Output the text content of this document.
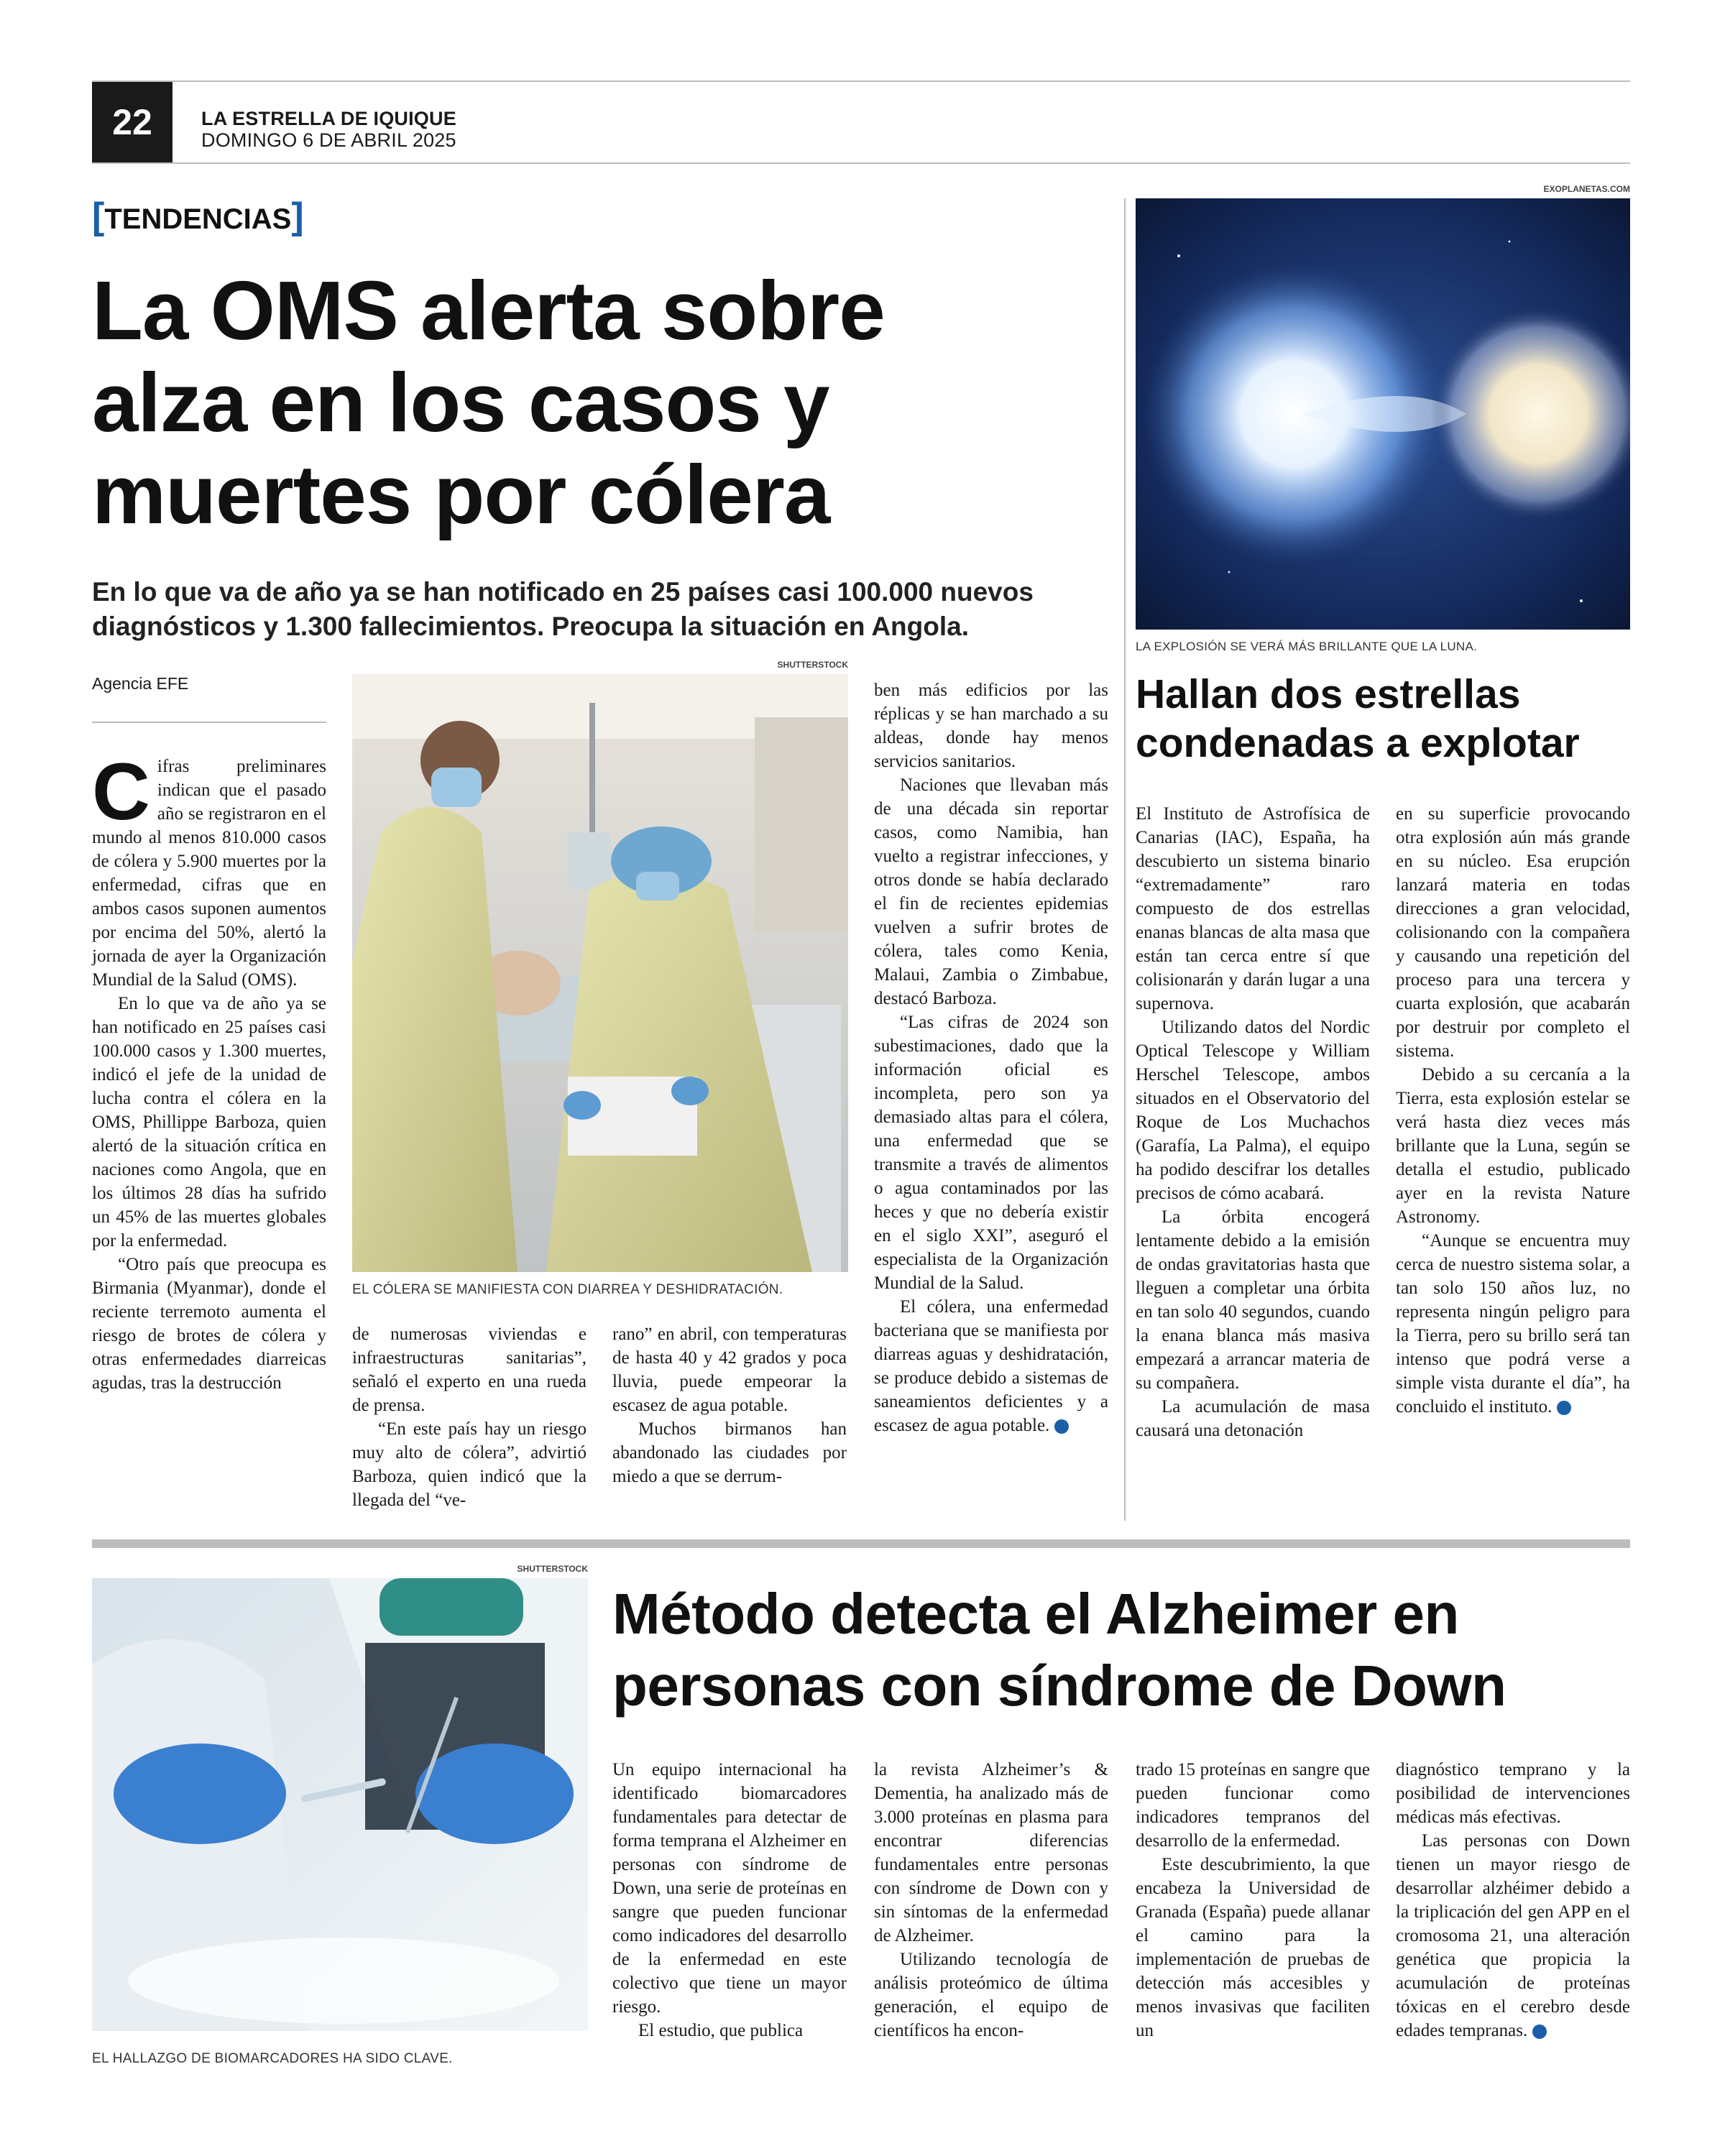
22	LA ESTRELLA DE IQUIQUE
DOMINGO 6 DE ABRIL 2025
[TENDENCIAS]
La OMS alerta sobre
alza en los casos y
muertes por cólera
En lo que va de año ya se han notificado en 25 países casi 100.000 nuevos diagnósticos y 1.300 fallecimientos. Preocupa la situación en Angola.
Agencia EFE
SHUTTERSTOCK
EL CÓLERA SE MANIFIESTA CON DIARREA Y DESHIDRATACIÓN.

Cifras preliminares indican que el pasado año se registraron en el mundo al menos 810.000 casos de cólera y 5.900 muertes por la enfermedad, cifras que en ambos casos suponen aumentos por encima del 50%, alertó la jornada de ayer la Organización Mundial de la Salud (OMS).

En lo que va de año ya se han notificado en 25 países casi 100.000 casos y 1.300 muertes, indicó el jefe de la unidad de lucha contra el cólera en la OMS, Phillippe Barboza, quien alertó de la situación crítica en naciones como Angola, que en los últimos 28 días ha sufrido un 45% de las muertes globales por la enfermedad.

“Otro país que preocupa es Birmania (Myanmar), donde el reciente terremoto aumenta el riesgo de brotes de cólera y otras enfermedades diarreicas agudas, tras la destrucción

de numerosas viviendas e infraestructuras sanitarias”, señaló el experto en una rueda de prensa.

“En este país hay un riesgo muy alto de cólera”, advirtió Barboza, quien indicó que la llegada del “ve-

rano” en abril, con temperaturas de hasta 40 y 42 grados y poca lluvia, puede empeorar la escasez de agua potable.

Muchos birmanos han abandonado las ciudades por miedo a que se derrum-

ben más edificios por las réplicas y se han marchado a su aldeas, donde hay menos servicios sanitarios.

Naciones que llevaban más de una década sin reportar casos, como Namibia, han vuelto a registrar infecciones, y otros donde se había declarado el fin de recientes epidemias vuelven a sufrir brotes de cólera, tales como Kenia, Malaui, Zambia o Zimbabue, destacó Barboza.

“Las cifras de 2024 son subestimaciones, dado que la información oficial es incompleta, pero son ya demasiado altas para el cólera, una enfermedad que se transmite a través de alimentos o agua contaminados por las heces y que no debería existir en el siglo XXI”, aseguró el especialista de la Organización Mundial de la Salud.

El cólera, una enfermedad bacteriana que se manifiesta por diarreas aguas y deshidratación, se produce debido a sistemas de saneamientos deficientes y a escasez de agua potable.	✪

EXOPLANETAS.COM
LA EXPLOSIÓN SE VERÁ MÁS BRILLANTE QUE LA LUNA.
Hallan dos estrellas
condenadas a explotar

El Instituto de Astrofísica de Canarias (IAC), España, ha descubierto un sistema binario “extremadamente” raro compuesto de dos estrellas enanas blancas de alta masa que están tan cerca entre sí que colisionarán y darán lugar a una supernova.

Utilizando datos del Nordic Optical Telescope y William Herschel Telescope, ambos situados en el Observatorio del Roque de Los Muchachos (Garafía, La Palma), el equipo ha podido descifrar los detalles precisos de cómo acabará.

La órbita encogerá lentamente debido a la emisión de ondas gravitatorias hasta que lleguen a completar una órbita en tan solo 40 segundos, cuando la enana blanca más masiva empezará a arrancar materia de su compañera.

La acumulación de masa causará una detonación

en su superficie provocando otra explosión aún más grande en su núcleo. Esa erupción lanzará materia en todas direcciones a gran velocidad, colisionando con la compañera y causando una repetición del proceso para una tercera y cuarta explosión, que acabarán por destruir por completo el sistema.

Debido a su cercanía a la Tierra, esta explosión estelar se verá hasta diez veces más brillante que la Luna, según se detalla el estudio, publicado ayer en la revista Nature Astronomy.

“Aunque se encuentra muy cerca de nuestro sistema solar, a tan solo 150 años luz, no representa ningún peligro para la Tierra, pero su brillo será tan intenso que podrá verse a simple vista durante el día”, ha concluido el instituto.	✪

SHUTTERSTOCK
EL HALLAZGO DE BIOMARCADORES HA SIDO CLAVE.
Método detecta el Alzheimer en
personas con síndrome de Down

Un equipo internacional ha identificado biomarcadores fundamentales para detectar de forma temprana el Alzheimer en personas con síndrome de Down, una serie de proteínas en sangre que pueden funcionar como indicadores del desarrollo de la enfermedad en este colectivo que tiene un mayor riesgo.

El estudio, que publica

la revista Alzheimer’s & Dementia, ha analizado más de 3.000 proteínas en plasma para encontrar diferencias fundamentales entre personas con síndrome de Down con y sin síntomas de la enfermedad de Alzheimer.

Utilizando tecnología de análisis proteómico de última generación, el equipo de científicos ha encon-

trado 15 proteínas en sangre que pueden funcionar como indicadores tempranos del desarrollo de la enfermedad.

Este descubrimiento, la que encabeza la Universidad de Granada (España) puede allanar el camino para la implementación de pruebas de detección más accesibles y menos invasivas que faciliten un

diagnóstico temprano y la posibilidad de intervenciones médicas más efectivas.

Las personas con Down tienen un mayor riesgo de desarrollar alzhéimer debido a la triplicación del gen APP en el cromosoma 21, una alteración genética que propicia la acumulación de proteínas tóxicas en el cerebro desde edades tempranas.	✪
